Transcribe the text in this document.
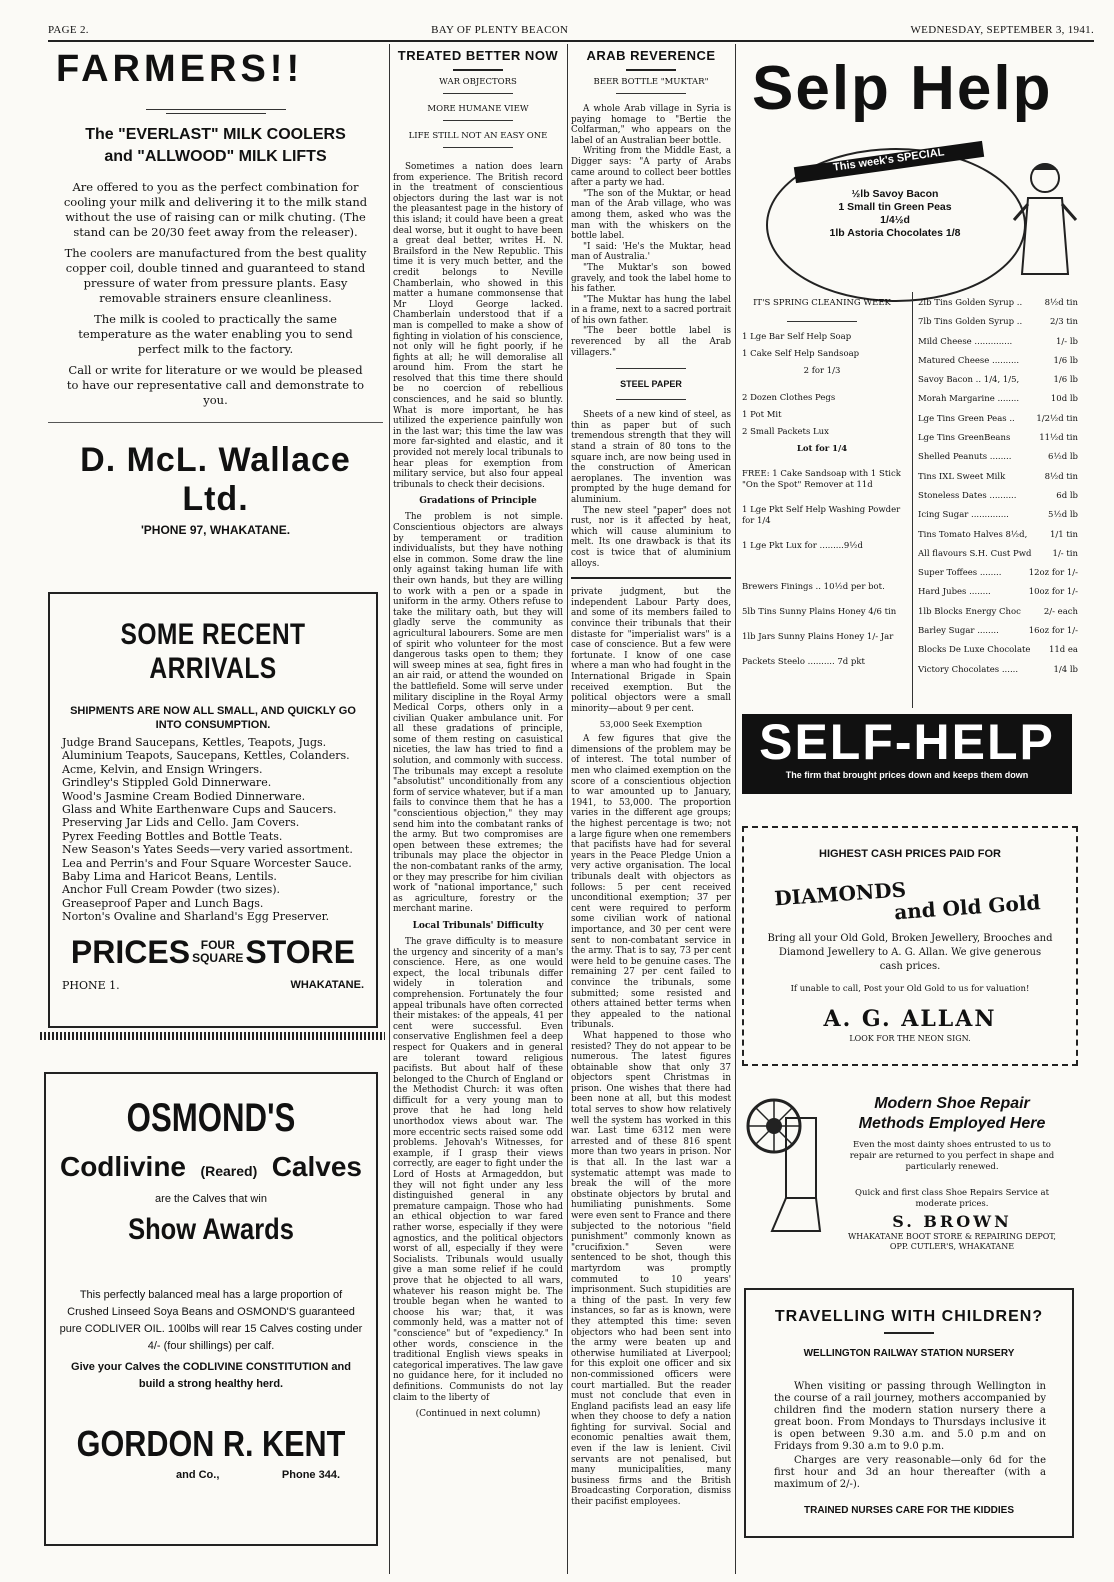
PAGE 2.	BAY OF PLENTY BEACON	WEDNESDAY, SEPTEMBER 3, 1941.
FARMERS!!
The "EVERLAST" MILK COOLERS
and "ALLWOOD" MILK LIFTS

Are offered to you as the perfect combination for cooling your milk and delivering it to the milk stand without the use of raising can or milk chuting. (The stand can be 20/30 feet away from the releaser).

The coolers are manufactured from the best quality copper coil, double tinned and guaranteed to stand pressure of water from pressure plants. Easy removable strainers ensure cleanliness.

The milk is cooled to practically the same temperature as the water enabling you to send perfect milk to the factory.

Call or write for literature or we would be pleased to have our representative call and demonstrate to you.

D. McL. Wallace Ltd.
'PHONE 97, WHAKATANE.
SOME RECENT ARRIVALS
SHIPMENTS ARE NOW ALL SMALL, AND QUICKLY GO INTO CONSUMPTION.
Judge Brand Saucepans, Kettles, Teapots, Jugs.
Aluminium Teapots, Saucepans, Kettles, Colanders.
Acme, Kelvin, and Ensign Wringers.
Grindley's Stippled Gold Dinnerware.
Wood's Jasmine Cream Bodied Dinnerware.
Glass and White Earthenware Cups and Saucers.
Preserving Jar Lids and Cello. Jam Covers.
Pyrex Feeding Bottles and Bottle Teats.
New Season's Yates Seeds—very varied assortment.
Lea and Perrin's and Four Square Worcester Sauce.
Baby Lima and Haricot Beans, Lentils.
Anchor Full Cream Powder (two sizes).
Greaseproof Paper and Lunch Bags.
Norton's Ovaline and Sharland's Egg Preserver.
PRICES FOUR
SQUARE STORE
PHONE 1.	WHAKATANE.
OSMOND'S
Codlivine (Reared) Calves
are the Calves that win
Show Awards
This perfectly balanced meal has a large proportion of Crushed Linseed Soya Beans and OSMOND'S guaranteed pure CODLIVER OIL. 100lbs will rear 15 Calves costing under 4/- (four shillings) per calf.
Give your Calves the CODLIVINE CONSTITUTION and build a strong healthy herd.
GORDON R. KENT
and Co.,	Phone 344.
TREATED BETTER NOW
WAR OBJECTORS
MORE HUMANE VIEW
LIFE STILL NOT AN EASY ONE

Sometimes a nation does learn from experience. The British record in the treatment of conscientious objectors during the last war is not the pleasantest page in the history of this island; it could have been a great deal worse, but it ought to have been a great deal better, writes H. N. Brailsford in the New Republic. This time it is very much better, and the credit belongs to Neville Chamberlain, who showed in this matter a humane commonsense that Mr Lloyd George lacked. Chamberlain understood that if a man is compelled to make a show of fighting in violation of his conscience, not only will he fight poorly, if he fights at all; he will demoralise all around him. From the start he resolved that this time there should be no coercion of rebellious consciences, and he said so bluntly. What is more important, he has utilized the experience painfully won in the last war; this time the law was more far-sighted and elastic, and it provided not merely local tribunals to hear pleas for exemption from military service, but also four appeal tribunals to check their decisions.

Gradations of Principle

The problem is not simple. Conscientious objectors are always by temperament or tradition individualists, but they have nothing else in common. Some draw the line only against taking human life with their own hands, but they are willing to work with a pen or a spade in uniform in the army. Others refuse to take the military oath, but they will gladly serve the community as agricultural labourers. Some are men of spirit who volunteer for the most dangerous tasks open to them; they will sweep mines at sea, fight fires in an air raid, or attend the wounded on the battlefield. Some will serve under military discipline in the Royal Army Medical Corps, others only in a civilian Quaker ambulance unit. For all these gradations of principle, some of them resting on casuistical niceties, the law has tried to find a solution, and commonly with success. The tribunals may except a resolute "absolutist" unconditionally from any form of service whatever, but if a man fails to convince them that he has a "conscientious objection," they may send him into the combatant ranks of the army. But two compromises are open between these extremes; the tribunals may place the objector in the non-combatant ranks of the army, or they may prescribe for him civilian work of "national importance," such as agriculture, forestry or the merchant marine.

Local Tribunals' Difficulty

The grave difficulty is to measure the urgency and sincerity of a man's conscience. Here, as one would expect, the local tribunals differ widely in toleration and comprehension. Fortunately the four appeal tribunals have often corrected their mistakes: of the appeals, 41 per cent were successful. Even conservative Englishmen feel a deep respect for Quakers and in general are tolerant toward religious pacifists. But about half of these belonged to the Church of England or the Methodist Church: it was often difficult for a very young man to prove that he had long held unorthodox views about war. The more eccentric sects raised some odd problems. Jehovah's Witnesses, for example, if I grasp their views correctly, are eager to fight under the Lord of Hosts at Armageddon, but they will not fight under any less distinguished general in any premature campaign. Those who had an ethical objection to war fared rather worse, especially if they were agnostics, and the political objectors worst of all, especially if they were Socialists. Tribunals would usually give a man some relief if he could prove that he objected to all wars, whatever his reason might be. The trouble began when he wanted to choose his war; that, it was commonly held, was a matter not of "conscience" but of "expediency." In other words, conscience in the traditional English views speaks in categorical imperatives. The law gave no guidance here, for it included no definitions. Communists do not lay claim to the liberty of

(Continued in next column)
ARAB REVERENCE
BEER BOTTLE "MUKTAR"

A whole Arab village in Syria is paying homage to "Bertie the Colfarman," who appears on the label of an Australian beer bottle.

Writing from the Middle East, a Digger says: "A party of Arabs came around to collect beer bottles after a party we had.

"The son of the Muktar, or head man of the Arab village, who was among them, asked who was the man with the whiskers on the bottle label.

"I said: 'He's the Muktar, head man of Australia.'

"The Muktar's son bowed gravely, and took the label home to his father.

"The Muktar has hung the label in a frame, next to a sacred portrait of his own father.

"The beer bottle label is reverenced by all the Arab villagers."

STEEL PAPER

Sheets of a new kind of steel, as thin as paper but of such tremendous strength that they will stand a strain of 80 tons to the square inch, are now being used in the construction of American aeroplanes. The invention was prompted by the huge demand for aluminium.

The new steel "paper" does not rust, nor is it affected by heat, which will cause aluminium to melt. Its one drawback is that its cost is twice that of aluminium alloys.

private judgment, but the independent Labour Party does, and some of its members failed to convince their tribunals that their distaste for "imperialist wars" is a case of conscience. But a few were fortunate. I know of one case where a man who had fought in the International Brigade in Spain received exemption. But the political objectors were a small minority—about 9 per cent.

53,000 Seek Exemption

A few figures that give the dimensions of the problem may be of interest. The total number of men who claimed exemption on the score of a conscientious objection to war amounted up to January, 1941, to 53,000. The proportion varies in the different age groups; the highest percentage is two; not a large figure when one remembers that pacifists have had for several years in the Peace Pledge Union a very active organisation. The local tribunals dealt with objectors as follows: 5 per cent received unconditional exemption; 37 per cent were required to perform some civilian work of national importance, and 30 per cent were sent to non-combatant service in the army. That is to say, 73 per cent were held to be genuine cases. The remaining 27 per cent failed to convince the tribunals, some submitted; some resisted and others attained better terms when they appealed to the national tribunals.

What happened to those who resisted? They do not appear to be numerous. The latest figures obtainable show that only 37 objectors spent Christmas in prison. One wishes that there had been none at all, but this modest total serves to show how relatively well the system has worked in this war. Last time 6312 men were arrested and of these 816 spent more than two years in prison. Nor is that all. In the last war a systematic attempt was made to break the will of the more obstinate objectors by brutal and humiliating punishments. Some were even sent to France and there subjected to the notorious "field punishment" commonly known as "crucifixion." Seven were sentenced to be shot, though this martyrdom was promptly commuted to 10 years' imprisonment. Such stupidities are a thing of the past. In very few instances, so far as is known, were they attempted this time: seven objectors who had been sent into the army were beaten up and otherwise humiliated at Liverpool; for this exploit one officer and six non-commissioned officers were court martialled. But the reader must not conclude that even in England pacifists lead an easy life when they choose to defy a nation fighting for survival. Social and economic penalties await them, even if the law is lenient. Civil servants are not penalised, but many municipalities, many business firms and the British Broadcasting Corporation, dismiss their pacifist employees.

Selp Help
This week's SPECIAL
½lb Savoy Bacon
1 Small tin Green Peas
1/4½d
1lb Astoria Chocolates 1/8
IT'S SPRING CLEANING WEEK
1 Lge Bar Self Help Soap
1 Cake Self Help Sandsoap
2 for 1/3
2 Dozen Clothes Pegs
1 Pot Mit
2 Small Packets Lux
Lot for 1/4
FREE: 1 Cake Sandsoap with 1 Stick "On the Spot" Remover at 11d
1 Lge Pkt Self Help Washing Powder for 1/4
1 Lge Pkt Lux for .........9½d
Brewers Finings .. 10½d per bot.
5lb Tins Sunny Plains Honey 4/6 tin
1lb Jars Sunny Plains Honey 1/- Jar
Packets Steelo .......... 7d pkt
2lb Tins Golden Syrup ..	8½d tin
7lb Tins Golden Syrup ..	2/3 tin
Mild Cheese ..............	1/- lb
Matured Cheese ..........	1/6 lb
Savoy Bacon .. 1/4, 1/5,	1/6 lb
Morah Margarine ........	10d lb
Lge Tins Green Peas ..	1/2½d tin
Lge Tins GreenBeans	11½d tin
Shelled Peanuts ........	6½d lb
Tins IXL Sweet Milk	8½d tin
Stoneless Dates ..........	6d lb
Icing Sugar ..............	5½d lb
Tins Tomato Halves 8½d,	1/1 tin
All flavours S.H. Cust Pwd 1/- tin
Super Toffees ........	12oz for 1/-
Hard Jubes ........	10oz for 1/-
1lb Blocks Energy Choc	2/- each
Barley Sugar ........	16oz for 1/-
Blocks De Luxe Chocolate 11d ea
Victory Chocolates ......	1/4 lb
SELF-HELP
The firm that brought prices down and keeps them down
HIGHEST CASH PRICES PAID FOR
DIAMONDS
and Old Gold
Bring all your Old Gold, Broken Jewellery, Brooches and Diamond Jewellery to A. G. Allan. We give generous cash prices.
If unable to call, Post your Old Gold to us for valuation!
A. G. ALLAN
LOOK FOR THE NEON SIGN.
Modern Shoe Repair
Methods Employed Here
Even the most dainty shoes entrusted to us to repair are returned to you perfect in shape and particularly renewed.
Quick and first class Shoe Repairs Service at moderate prices.
S. BROWN
WHAKATANE BOOT STORE & REPAIRING DEPOT,
OPP. CUTLER'S, WHAKATANE
TRAVELLING WITH CHILDREN?
WELLINGTON RAILWAY STATION NURSERY
When visiting or passing through Wellington in the course of a rail journey, mothers accompanied by children find the modern station nursery there a great boon. From Mondays to Thursdays inclusive it is open between 9.30 a.m. and 5.0 p.m and on Fridays from 9.30 a.m to 9.0 p.m.
Charges are very reasonable—only 6d for the first hour and 3d an hour thereafter (with a maximum of 2/-).
TRAINED NURSES CARE FOR THE KIDDIES
